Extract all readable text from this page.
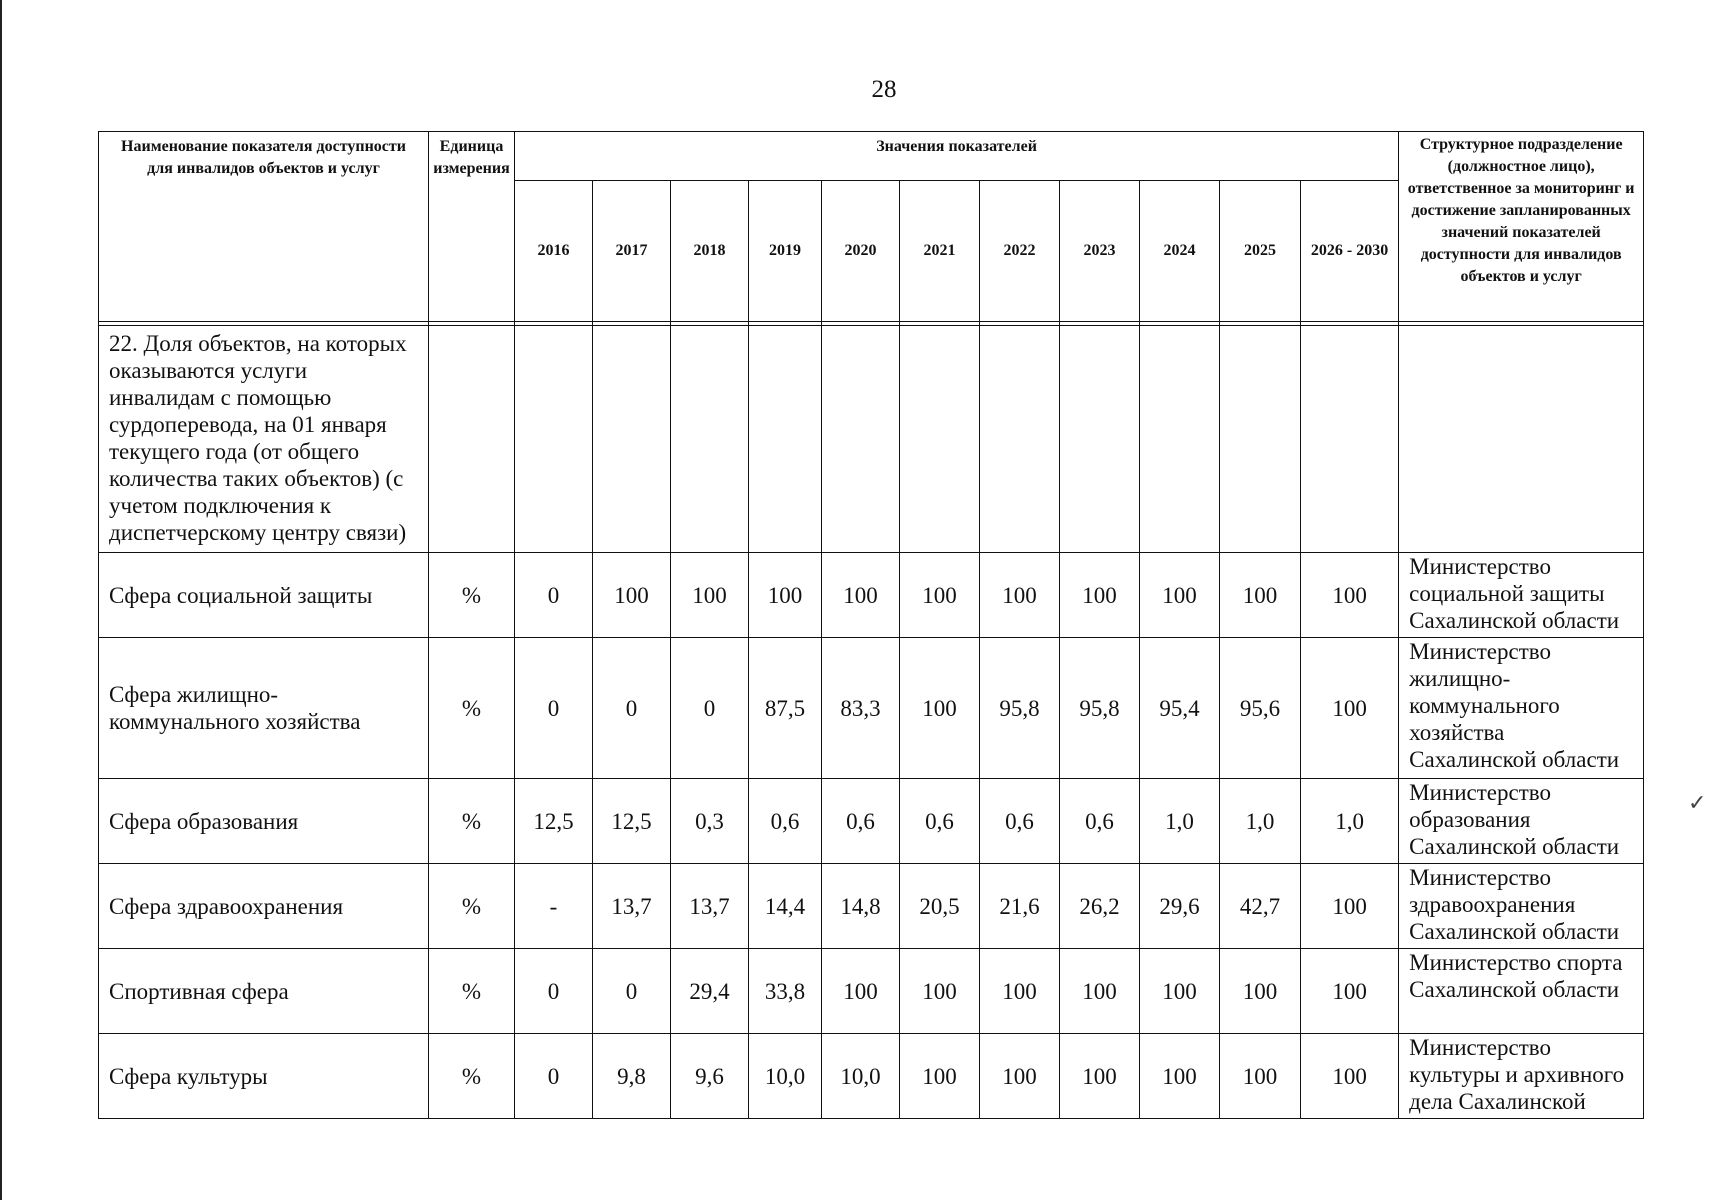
28
Наименование показателя доступности для инвалидов объектов и услуг	Единица измерения	Значения показателей											Структурное подразделение (должностное лицо), ответственное за мониторинг и достижение запланированных значений показателей доступности для инвалидов объектов и услуг
		2016	2017	2018	2019	2020	2021	2022	2023	2024	2025	2026 - 2030	

22. Доля объектов, на которых оказываются услуги инвалидам с помощью сурдоперевода, на 01 января текущего года (от общего количества таких объектов) (с учетом подключения к диспетчерскому центру связи)													
Сфера социальной защиты	%	0	100	100	100	100	100	100	100	100	100	100	Министерство социальной защиты Сахалинской области
Сфера жилищно-коммунального хозяйства	%	0	0	0	87,5	83,3	100	95,8	95,8	95,4	95,6	100	Министерство жилищно-коммунального хозяйства Сахалинской области
Сфера образования	%	12,5	12,5	0,3	0,6	0,6	0,6	0,6	0,6	1,0	1,0	1,0	Министерство образования Сахалинской области
Сфера здравоохранения	%	-	13,7	13,7	14,4	14,8	20,5	21,6	26,2	29,6	42,7	100	Министерство здравоохранения Сахалинской области
Спортивная сфера	%	0	0	29,4	33,8	100	100	100	100	100	100	100	Министерство спорта Сахалинской области
Сфера культуры	%	0	9,8	9,6	10,0	10,0	100	100	100	100	100	100	Министерство культуры и архивного дела Сахалинской
✓
